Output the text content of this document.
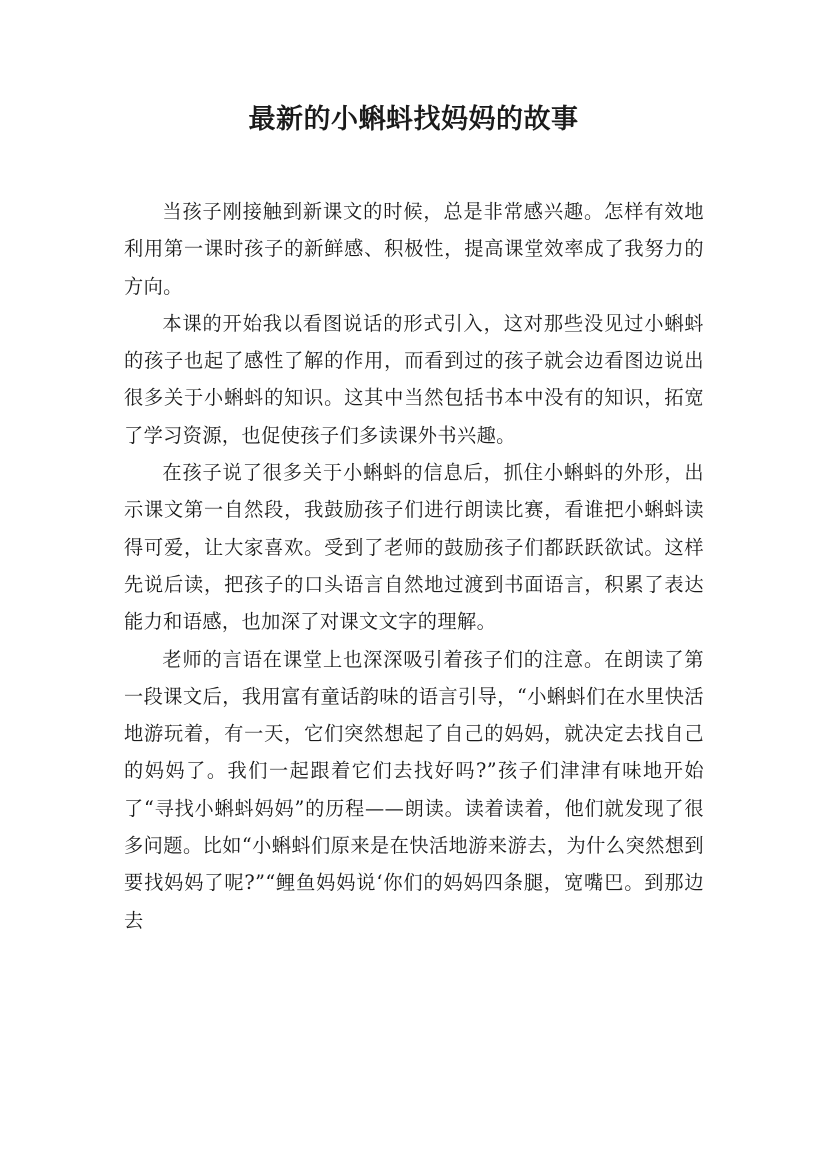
最新的小蝌蚪找妈妈的故事

当孩子刚接触到新课文的时候，总是非常感兴趣。怎样有效地利用第一课时孩子的新鲜感、积极性，提高课堂效率成了我努力的方向。

本课的开始我以看图说话的形式引入，这对那些没见过小蝌蚪的孩子也起了感性了解的作用，而看到过的孩子就会边看图边说出很多关于小蝌蚪的知识。这其中当然包括书本中没有的知识，拓宽了学习资源，也促使孩子们多读课外书兴趣。

在孩子说了很多关于小蝌蚪的信息后，抓住小蝌蚪的外形，出示课文第一自然段，我鼓励孩子们进行朗读比赛，看谁把小蝌蚪读得可爱，让大家喜欢。受到了老师的鼓励孩子们都跃跃欲试。这样先说后读，把孩子的口头语言自然地过渡到书面语言，积累了表达能力和语感，也加深了对课文文字的理解。

老师的言语在课堂上也深深吸引着孩子们的注意。在朗读了第一段课文后，我用富有童话韵味的语言引导，“小蝌蚪们在水里快活地游玩着，有一天，它们突然想起了自己的妈妈，就决定去找自己的妈妈了。我们一起跟着它们去找好吗?”孩子们津津有味地开始了“寻找小蝌蚪妈妈”的历程——朗读。读着读着，他们就发现了很多问题。比如“小蝌蚪们原来是在快活地游来游去，为什么突然想到要找妈妈了呢?”“鲤鱼妈妈说‘你们的妈妈四条腿，宽嘴巴。到那边去
